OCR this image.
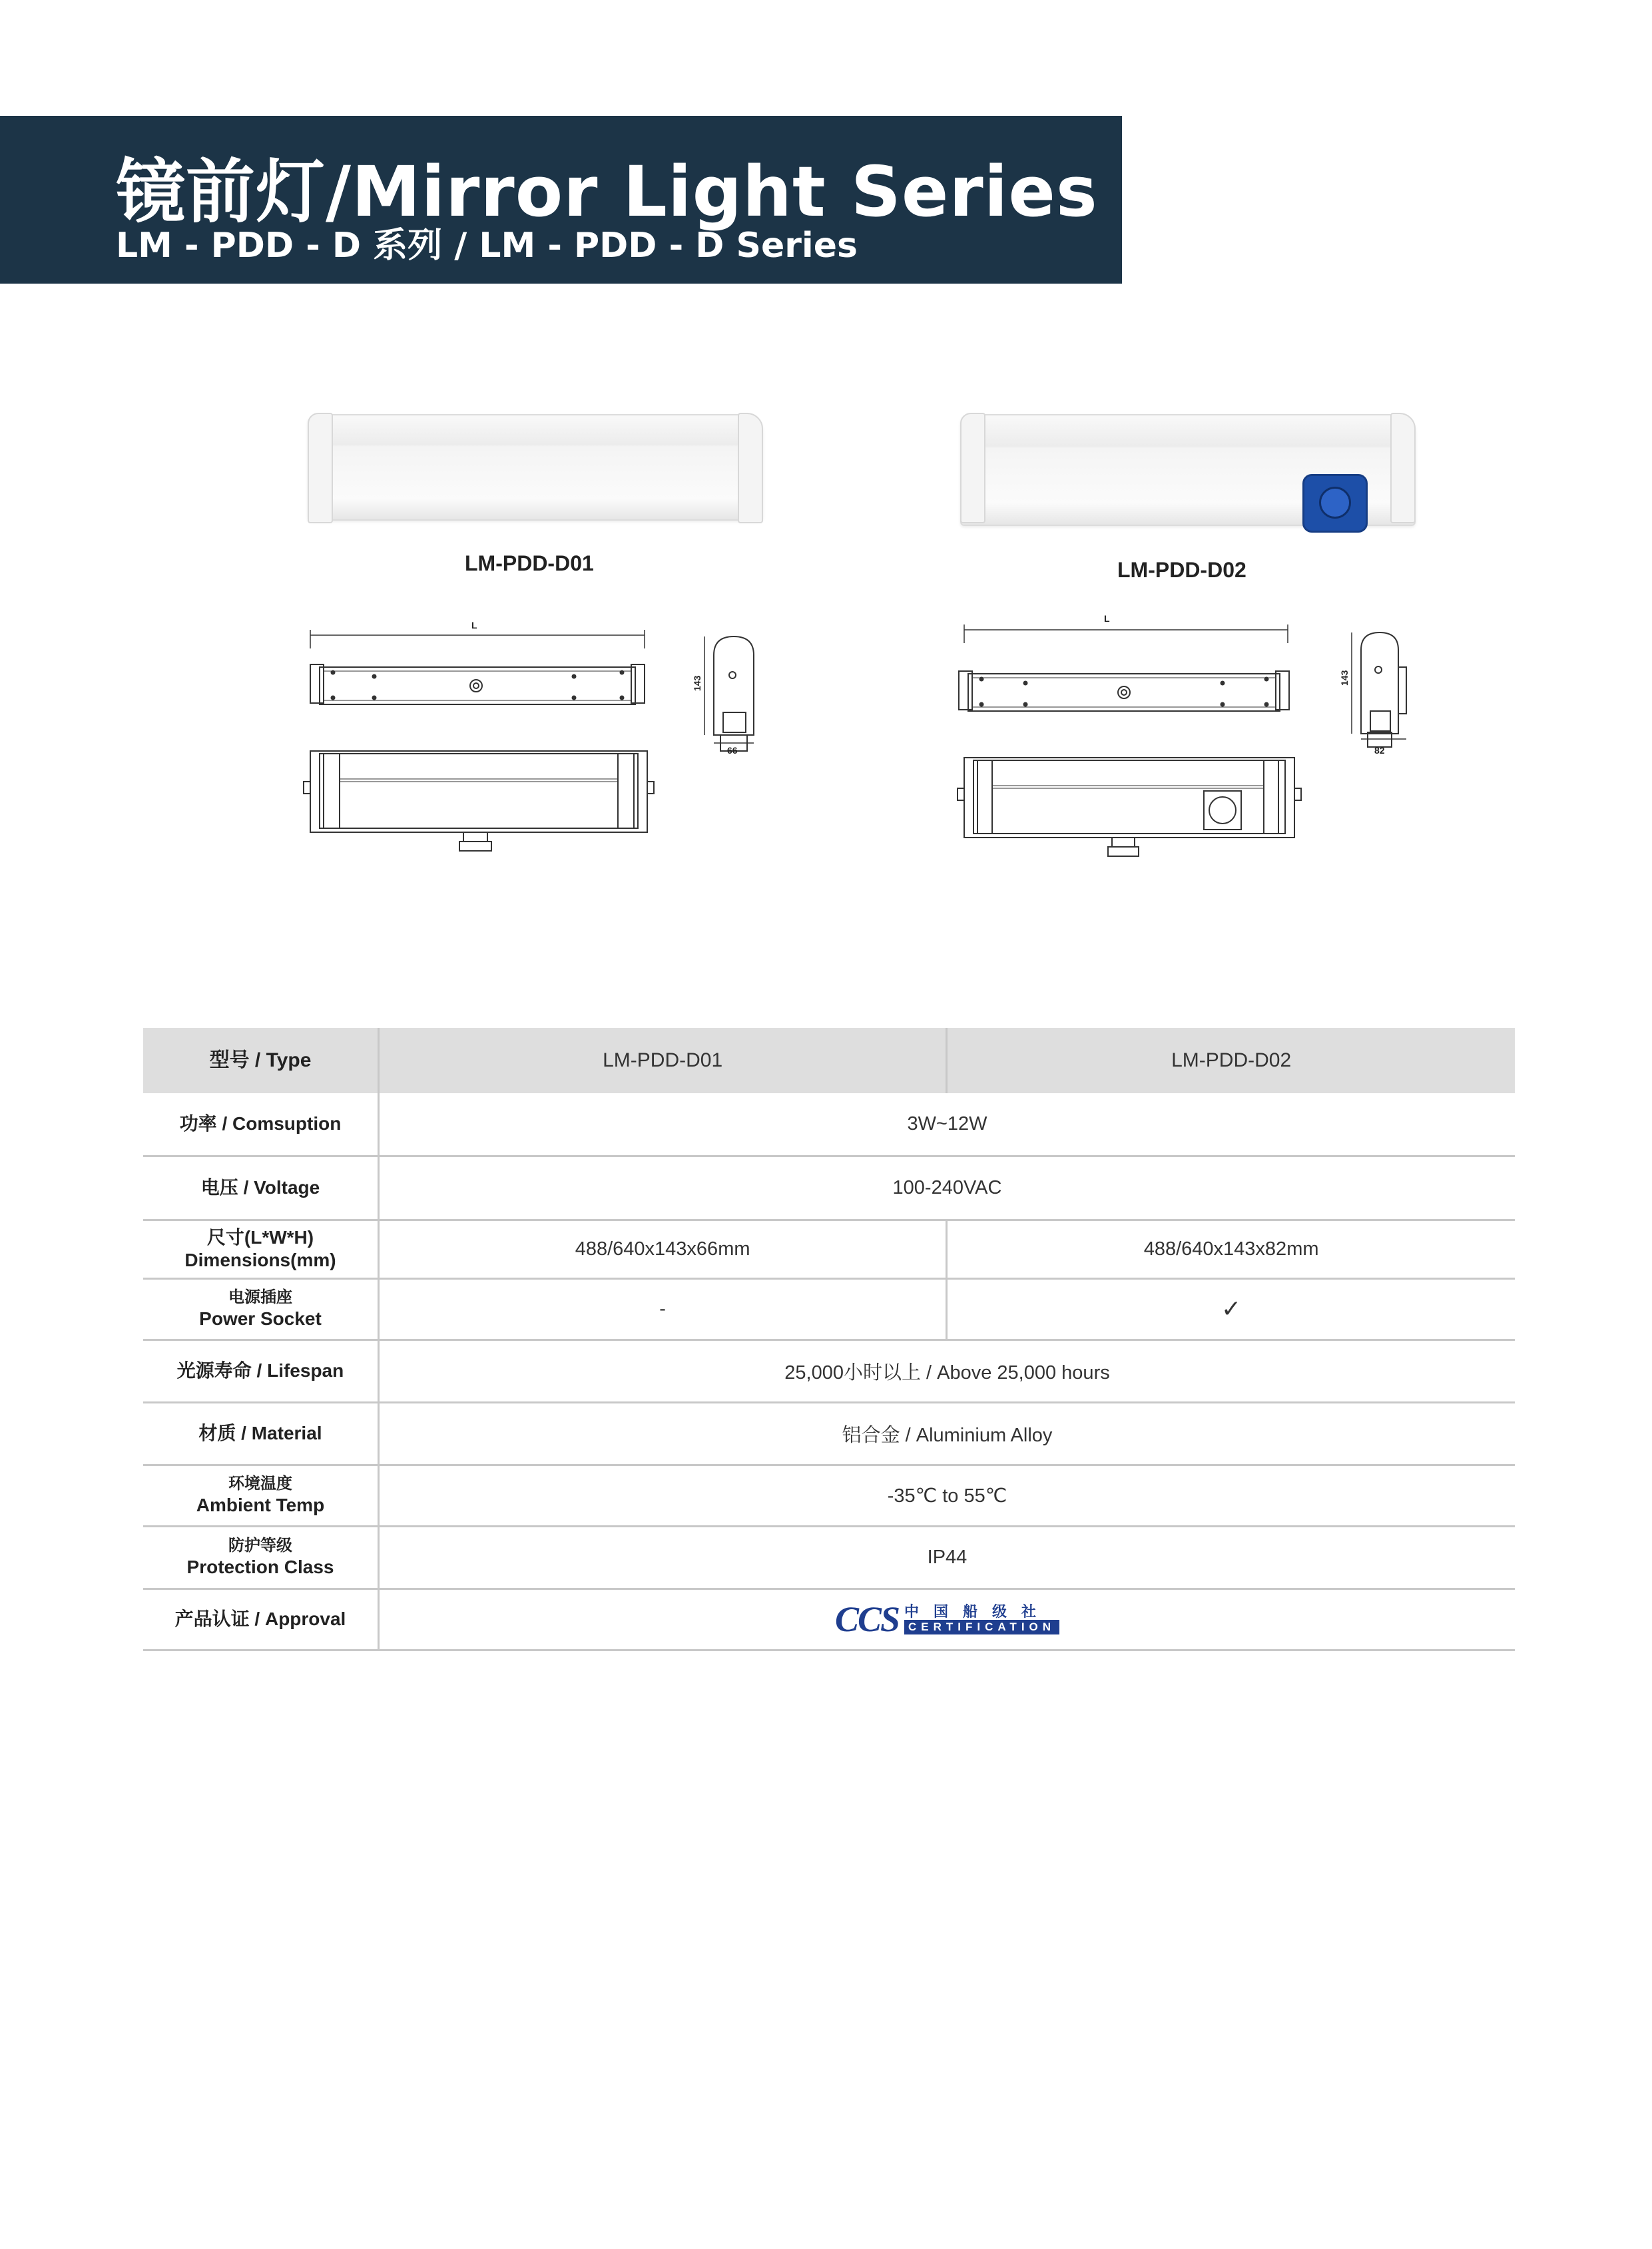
镜前灯/Mirror Light Series
LM - PDD - D 系列 / LM - PDD - D Series
LM-PDD-D01	LM-PDD-D02
L
143
66
L
143
82
型号 / Type	LM-PDD-D01	LM-PDD-D02
功率 / Comsuption	3W~12W	
电压 / Voltage	100-240VAC	

尺寸(L*W*H)
Dimensions(mm)	488/640x143x66mm	488/640x143x82mm

电源插座
Power Socket	-	✓
光源寿命 / Lifespan	25,000小时以上 / Above 25,000 hours	
材质 / Material	铝合金 / Aluminium Alloy	

环境温度
Ambient Temp	-35℃ to 55℃	

防护等级
Protection Class	IP44	
产品认证 / Approval	CCS 中国船级社
CERTIFICATION	
